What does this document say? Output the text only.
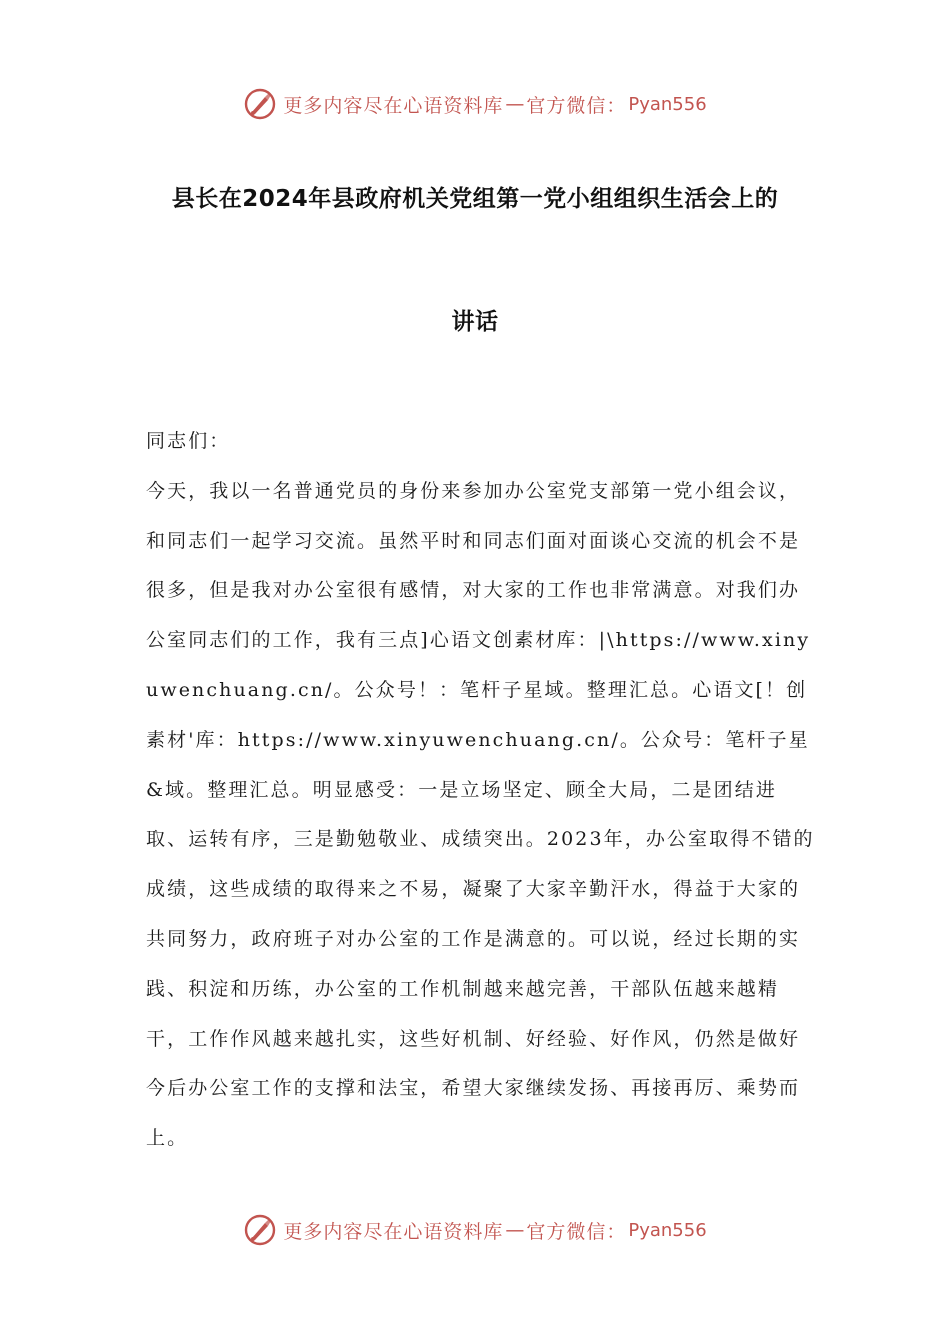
更多内容尽在心语资料库 — 官方微信： Pyan556
县长在2024年县政府机关党组第一党小组组织生活会上的
讲话

同志们：

今天，我以一名普通党员的身份来参加办公室党支部第一党小组会议，和同志们一起学习交流。虽然平时和同志们面对面谈心交流的机会不是很多，但是我对办公室很有感情，对大家的工作也非常满意。对我们办公室同志们的工作，我有三点]心语文创素材库：|\https://www.xinyuwenchuang.cn/。公众号！：笔杆子星域。整理汇总。心语文[！创素材'库：https://www.xinyuwenchuang.cn/。公众号：笔杆子星&域。整理汇总。明显感受：一是立场坚定、顾全大局，二是团结进取、运转有序，三是勤勉敬业、成绩突出。2023年，办公室取得不错的成绩，这些成绩的取得来之不易，凝聚了大家辛勤汗水，得益于大家的共同努力，政府班子对办公室的工作是满意的。可以说，经过长期的实践、积淀和历练，办公室的工作机制越来越完善，干部队伍越来越精干，工作作风越来越扎实，这些好机制、好经验、好作风，仍然是做好今后办公室工作的支撑和法宝，希望大家继续发扬、再接再厉、乘势而上。

更多内容尽在心语资料库 — 官方微信： Pyan556
